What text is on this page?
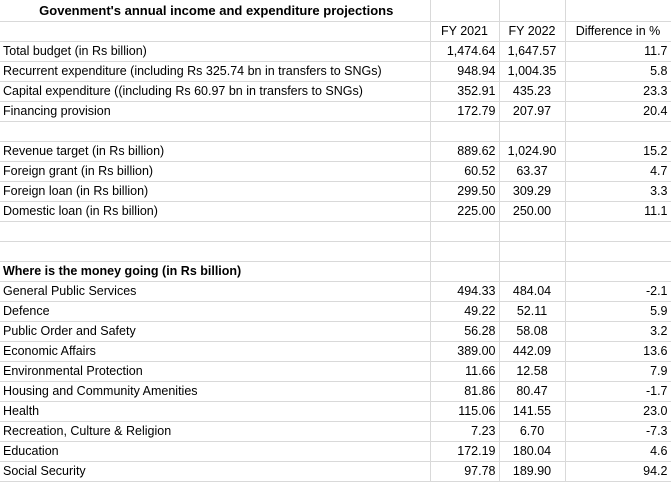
Govenment's annual income and expenditure projections			
	FY 2021	FY 2022	Difference in %
Total budget (in Rs billion)	1,474.64	1,647.57	11.7
Recurrent expenditure (including Rs 325.74 bn in transfers to SNGs)	948.94	1,004.35	5.8
Capital expenditure ((including Rs 60.97 bn in transfers to SNGs)	352.91	435.23	23.3
Financing provision	172.79	207.97	20.4

Revenue target (in Rs billion)	889.62	1,024.90	15.2
Foreign grant (in Rs billion)	60.52	63.37	4.7
Foreign loan (in Rs billion)	299.50	309.29	3.3
Domestic loan (in Rs billion)	225.00	250.00	11.1

Where is the money going (in Rs billion)			
General Public Services	494.33	484.04	-2.1
Defence	49.22	52.11	5.9
Public Order and Safety	56.28	58.08	3.2
Economic Affairs	389.00	442.09	13.6
Environmental Protection	11.66	12.58	7.9
Housing and Community Amenities	81.86	80.47	-1.7
Health	115.06	141.55	23.0
Recreation, Culture & Religion	7.23	6.70	-7.3
Education	172.19	180.04	4.6
Social Security	97.78	189.90	94.2
